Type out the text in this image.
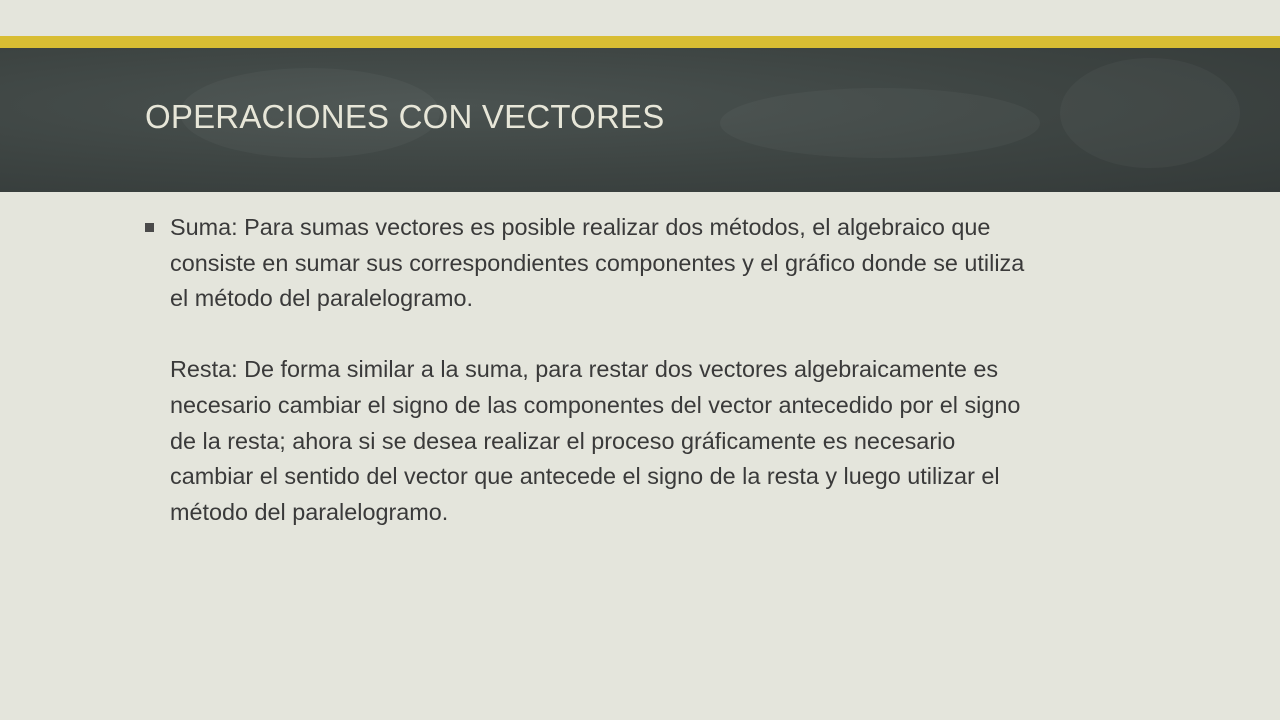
OPERACIONES CON VECTORES

Suma: Para sumas vectores es posible realizar dos métodos, el algebraico que

consiste en sumar sus correspondientes componentes y el gráfico donde se utiliza

el método del paralelogramo.

Resta: De forma similar a la suma, para restar dos vectores algebraicamente es

necesario cambiar el signo de las componentes del vector antecedido por el signo

de la resta; ahora si se desea realizar el proceso gráficamente es necesario

cambiar el sentido del vector que antecede el signo de la resta y luego utilizar el

método del paralelogramo.
